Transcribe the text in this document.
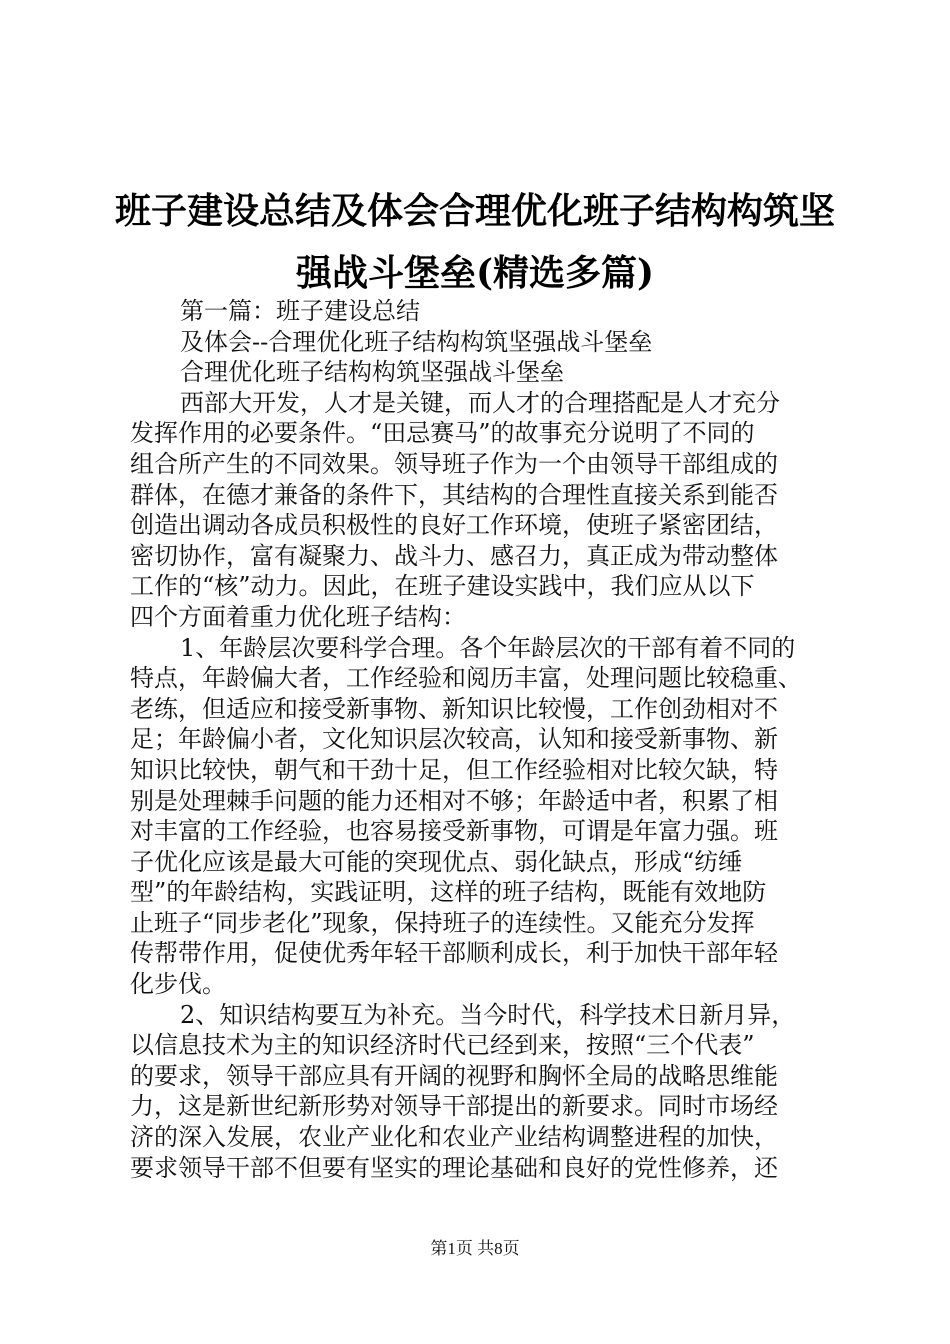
班子建设总结及体会合理优化班子结构构筑坚
强战斗堡垒(精选多篇)
第一篇：班子建设总结
及体会--合理优化班子结构构筑坚强战斗堡垒
合理优化班子结构构筑坚强战斗堡垒
西部大开发，人才是关键，而人才的合理搭配是人才充分
发挥作用的必要条件。“田忌赛马”的故事充分说明了不同的
组合所产生的不同效果。领导班子作为一个由领导干部组成的
群体，在德才兼备的条件下，其结构的合理性直接关系到能否
创造出调动各成员积极性的良好工作环境，使班子紧密团结，
密切协作，富有凝聚力、战斗力、感召力，真正成为带动整体
工作的“核”动力。因此，在班子建设实践中，我们应从以下
四个方面着重力优化班子结构：
1、年龄层次要科学合理。各个年龄层次的干部有着不同的
特点，年龄偏大者，工作经验和阅历丰富，处理问题比较稳重、
老练，但适应和接受新事物、新知识比较慢，工作创劲相对不
足；年龄偏小者，文化知识层次较高，认知和接受新事物、新
知识比较快，朝气和干劲十足，但工作经验相对比较欠缺，特
别是处理棘手问题的能力还相对不够；年龄适中者，积累了相
对丰富的工作经验，也容易接受新事物，可谓是年富力强。班
子优化应该是最大可能的突现优点、弱化缺点，形成“纺缍
型”的年龄结构，实践证明，这样的班子结构，既能有效地防
止班子“同步老化”现象，保持班子的连续性。又能充分发挥
传帮带作用，促使优秀年轻干部顺利成长，利于加快干部年轻
化步伐。
2、知识结构要互为补充。当今时代，科学技术日新月异，
以信息技术为主的知识经济时代已经到来，按照“三个代表”
的要求，领导干部应具有开阔的视野和胸怀全局的战略思维能
力，这是新世纪新形势对领导干部提出的新要求。同时市场经
济的深入发展，农业产业化和农业产业结构调整进程的加快，
要求领导干部不但要有坚实的理论基础和良好的党性修养，还
第1页 共8页
